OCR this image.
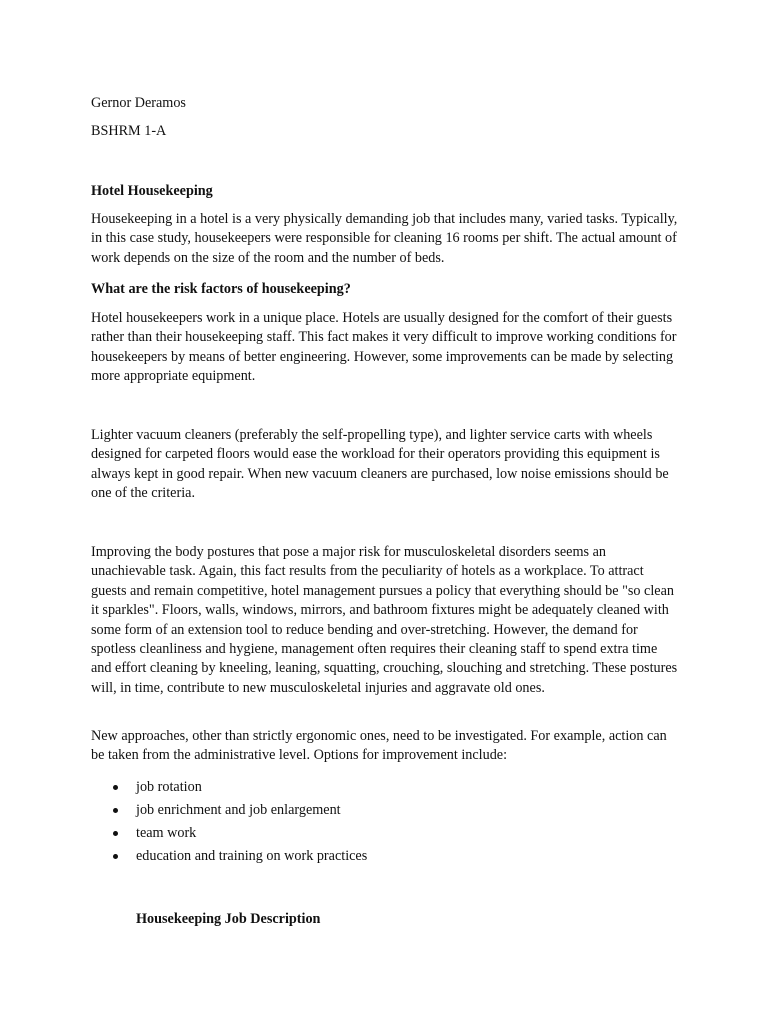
Gernor Deramos
BSHRM 1-A
Hotel Housekeeping

Housekeeping in a hotel is a very physically demanding job that includes many, varied tasks. Typically, in this case study, housekeepers were responsible for cleaning 16 rooms per shift. The actual amount of work depends on the size of the room and the number of beds.

What are the risk factors of housekeeping?

Hotel housekeepers work in a unique place. Hotels are usually designed for the comfort of their guests rather than their housekeeping staff. This fact makes it very difficult to improve working conditions for housekeepers by means of better engineering. However, some improvements can be made by selecting more appropriate equipment.

Lighter vacuum cleaners (preferably the self-propelling type), and lighter service carts with wheels designed for carpeted floors would ease the workload for their operators providing this equipment is always kept in good repair. When new vacuum cleaners are purchased, low noise emissions should be one of the criteria.

Improving the body postures that pose a major risk for musculoskeletal disorders seems an unachievable task. Again, this fact results from the peculiarity of hotels as a workplace. To attract guests and remain competitive, hotel management pursues a policy that everything should be "so clean it sparkles". Floors, walls, windows, mirrors, and bathroom fixtures might be adequately cleaned with some form of an extension tool to reduce bending and over-stretching. However, the demand for spotless cleanliness and hygiene, management often requires their cleaning staff to spend extra time and effort cleaning by kneeling, leaning, squatting, crouching, slouching and stretching. These postures will, in time, contribute to new musculoskeletal injuries and aggravate old ones.

New approaches, other than strictly ergonomic ones, need to be investigated. For example, action can be taken from the administrative level. Options for improvement include:

job rotation
job enrichment and job enlargement
team work
education and training on work practices
Housekeeping Job Description
